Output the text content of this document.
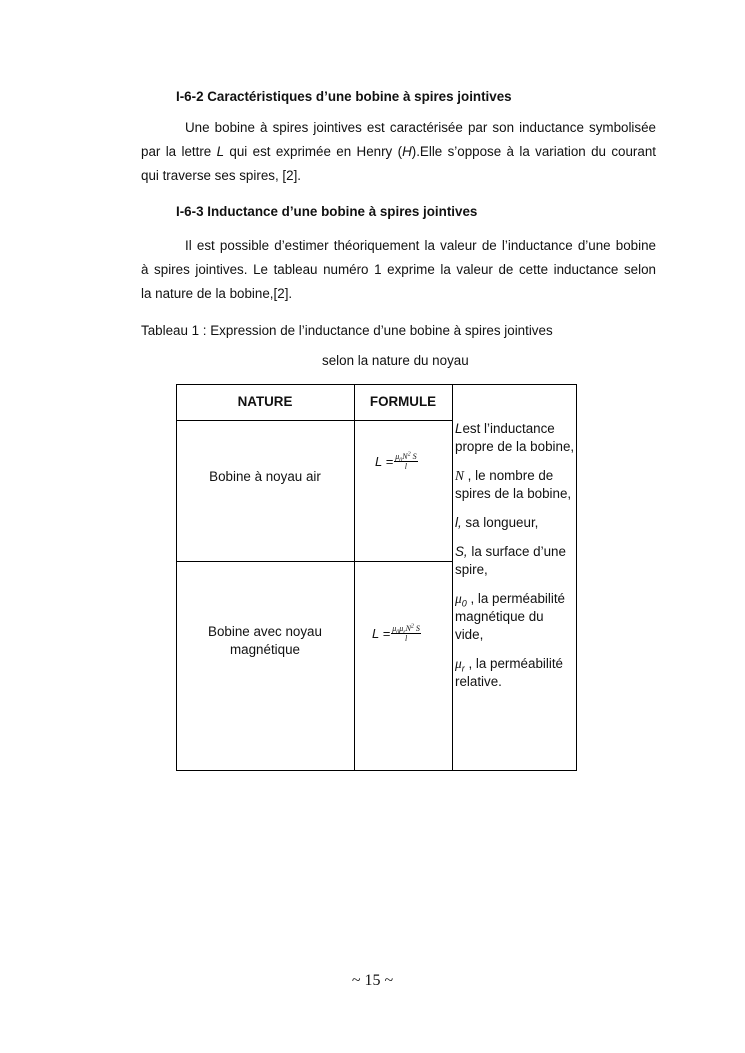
I-6-2 Caractéristiques d’une bobine à spires jointives
Une bobine à spires jointives est caractérisée par son inductance symbolisée
par la lettre L qui est exprimée en Henry (H).Elle s’oppose à la variation du courant
qui traverse ses spires, [2].
I-6-3 Inductance d’une bobine à spires jointives
Il est possible d’estimer théoriquement la valeur de l’inductance d’une bobine
à spires jointives. Le tableau numéro 1 exprime la valeur de cette inductance selon
la nature de la bobine,[2].
Tableau 1 : Expression de l’inductance d’une bobine à spires jointives
selon la nature du noyau
NATURE	FORMULE
Bobine à noyau air
$L = \frac{\mu_0N^2 S}{l}$
Bobine avec noyau
magnétique
$L = \frac{\mu_0\mu_rN^2 S}{l}$

Lest l’inductance propre de la bobine,

N , le nombre de spires de la bobine,

l, sa longueur,

S, la surface d’une spire,

$\mu_0$ , la perméabilité magnétique du vide,

$\mu_r$ , la perméabilité relative.

~ 15 ~
